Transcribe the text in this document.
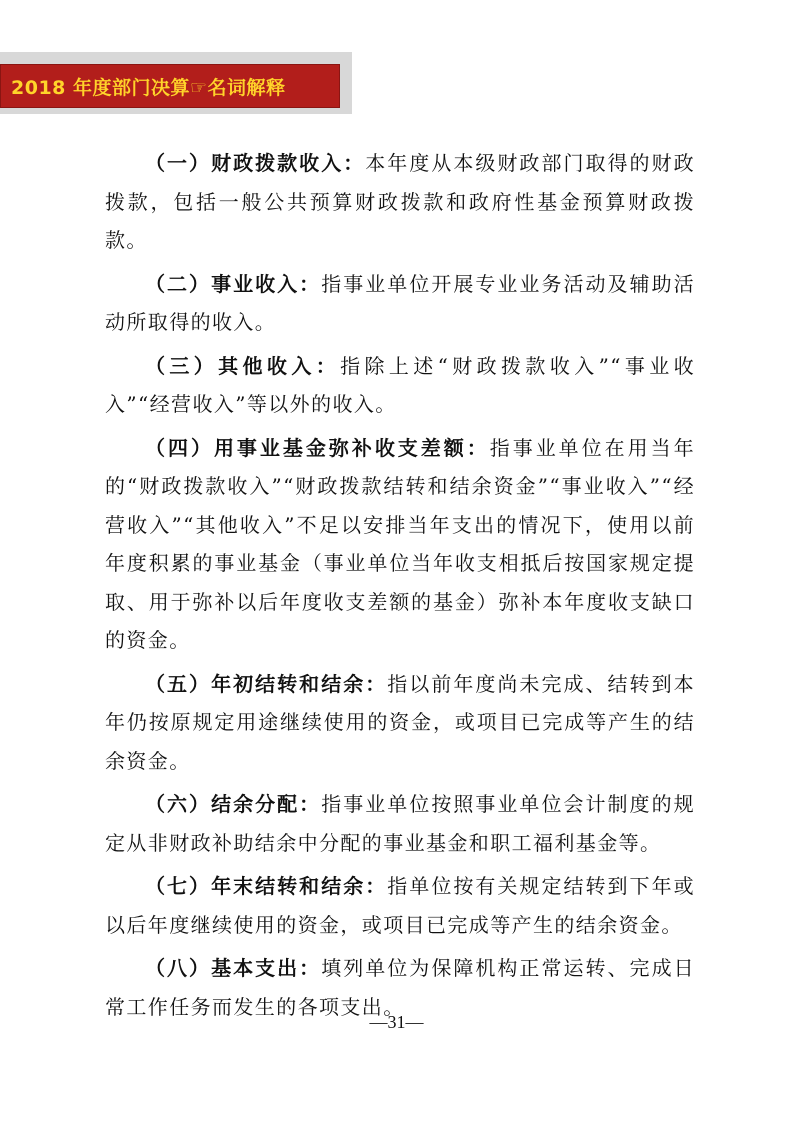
2018 年度部门决算☞名词解释

（一）财政拨款收入：本年度从本级财政部门取得的财政拨款，包括一般公共预算财政拨款和政府性基金预算财政拨款。

（二）事业收入：指事业单位开展专业业务活动及辅助活动所取得的收入。

（三）其他收入：指除上述“财政拨款收入”“事业收入”“经营收入”等以外的收入。

（四）用事业基金弥补收支差额：指事业单位在用当年的“财政拨款收入”“财政拨款结转和结余资金”“事业收入”“经营收入”“其他收入”不足以安排当年支出的情况下，使用以前年度积累的事业基金（事业单位当年收支相抵后按国家规定提取、用于弥补以后年度收支差额的基金）弥补本年度收支缺口的资金。

（五）年初结转和结余：指以前年度尚未完成、结转到本年仍按原规定用途继续使用的资金，或项目已完成等产生的结余资金。

（六）结余分配：指事业单位按照事业单位会计制度的规定从非财政补助结余中分配的事业基金和职工福利基金等。

（七）年末结转和结余：指单位按有关规定结转到下年或以后年度继续使用的资金，或项目已完成等产生的结余资金。

（八）基本支出：填列单位为保障机构正常运转、完成日常工作任务而发生的各项支出。

—31—
